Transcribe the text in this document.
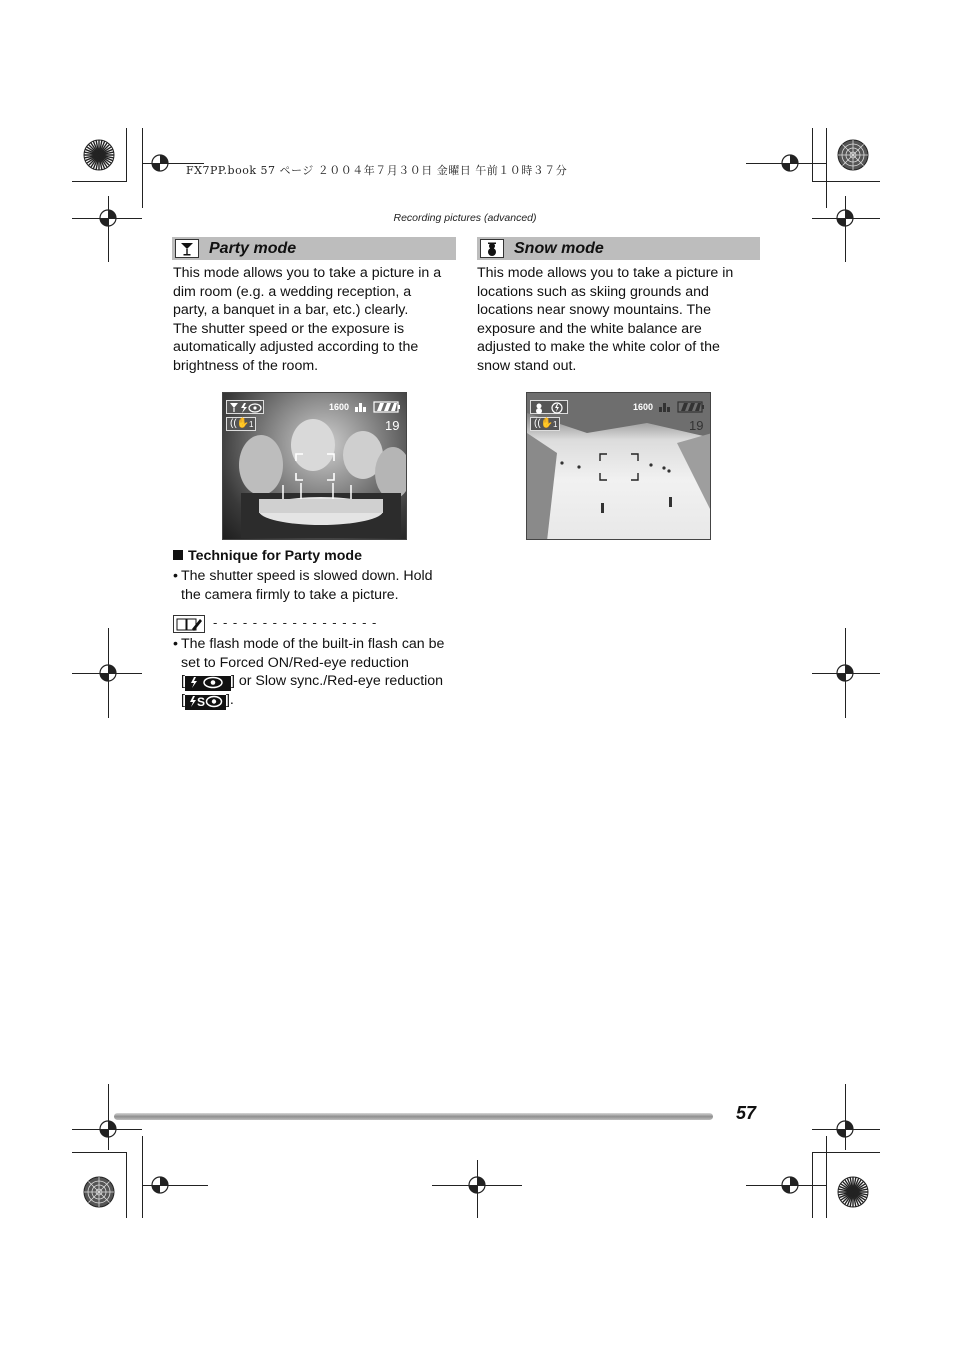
FX7PP.book 57 ページ ２００４年７月３０日 金曜日 午前１０時３７分
Recording pictures (advanced)
Party mode

This mode allows you to take a picture in a

dim room (e.g. a wedding reception, a

party, a banquet in a bar, etc.) clearly.

The shutter speed or the exposure is

automatically adjusted according to the

brightness of the room.

((✋ 1
1600
19
Technique for Party mode
• The shutter speed is slowed down. Hold
the camera firmly to take a picture.
- - - - - - - - - - - - - - - - -
• The flash mode of the built-in flash can be
set to Forced ON/Red-eye reduction
[	] or Slow sync./Red-eye reduction
[ S ].
Snow mode

This mode allows you to take a picture in

locations such as skiing grounds and

locations near snowy mountains. The

exposure and the white balance are

adjusted to make the white color of the

snow stand out.

((✋ 1
1600
19
57
